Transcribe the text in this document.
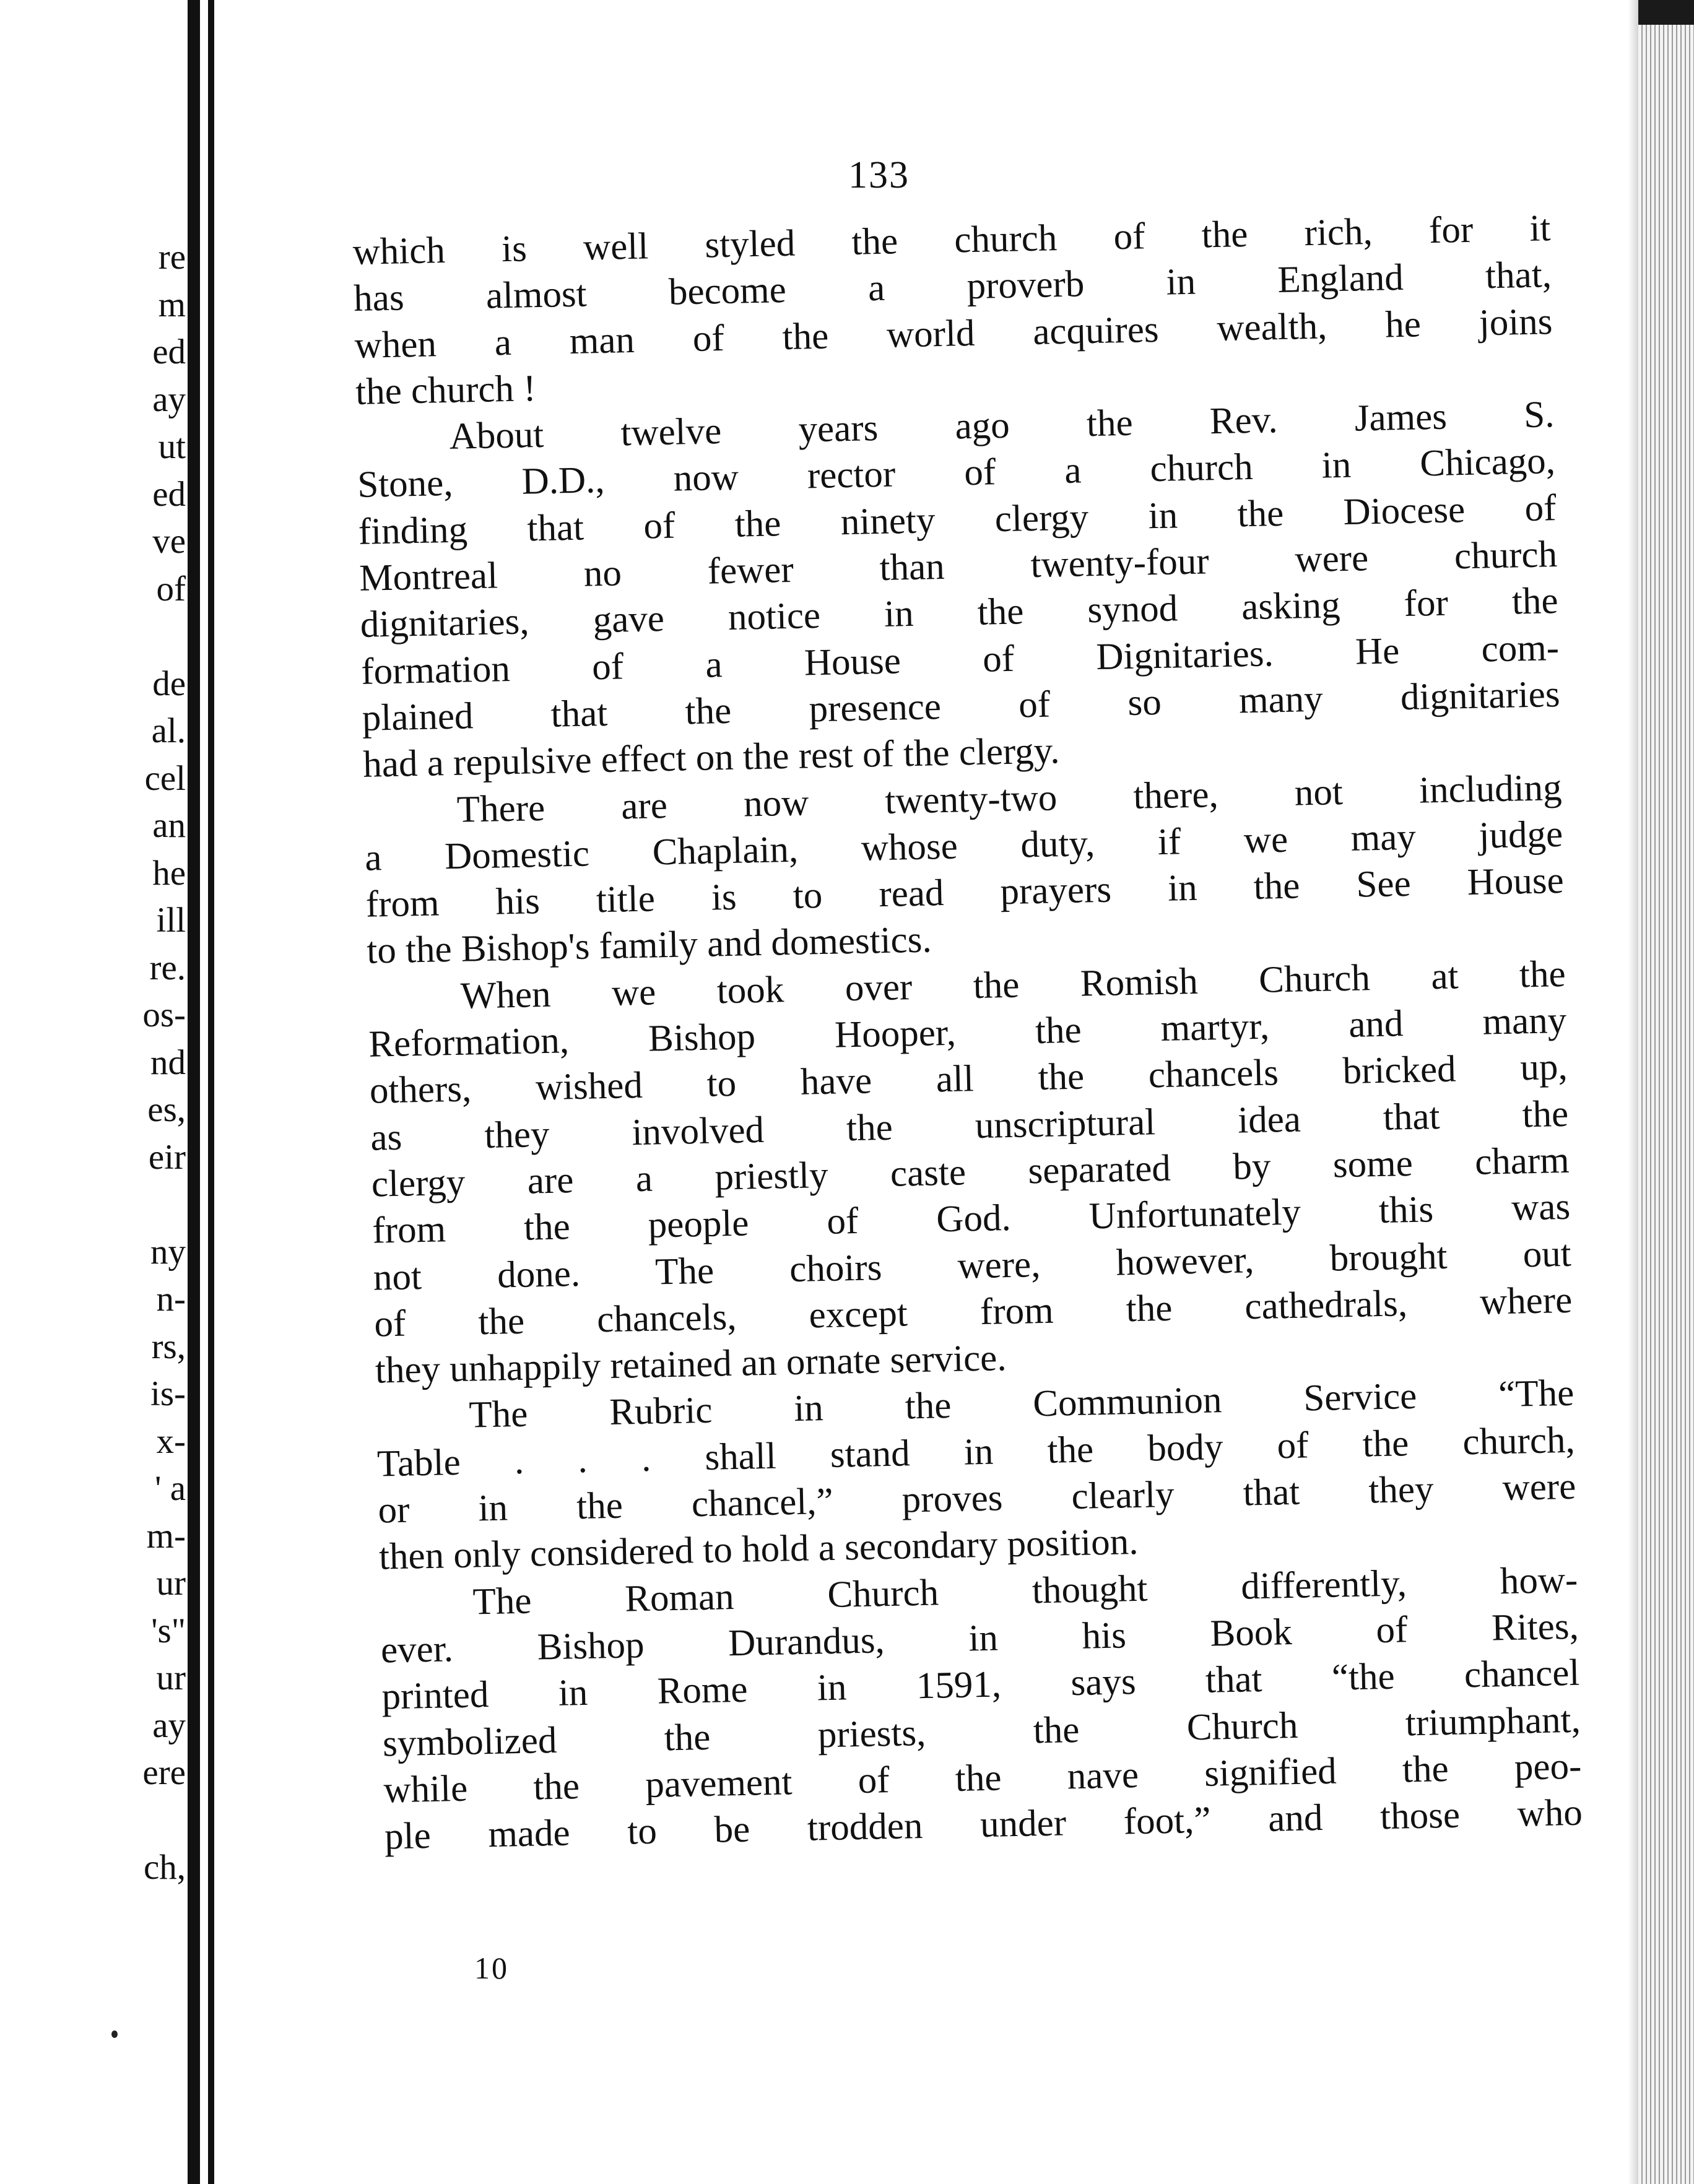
re
m
ed
ay
ut
ed
ve
of
de
al.
cel
an
he
ill
re.
os-
nd
es,
eir
ny
n-
rs,
is-
x-
' a
m-
ur
's"
ur
ay
ere
ch,
133
which is well styled the church of the rich, for it
has almost become a proverb in England that,
when a man of the world acquires wealth, he joins
the church !
About twelve years ago the Rev. James S.
Stone, D.D., now rector of a church in Chicago,
finding that of the ninety clergy in the Diocese of
Montreal no fewer than twenty-four were church
dignitaries, gave notice in the synod asking for the
formation of a House of Dignitaries. He com-
plained that the presence of so many dignitaries
had a repulsive effect on the rest of the clergy.
There are now twenty-two there, not including
a Domestic Chaplain, whose duty, if we may judge
from his title is to read prayers in the See House
to the Bishop's family and domestics.
When we took over the Romish Church at the
Reformation, Bishop Hooper, the martyr, and many
others, wished to have all the chancels bricked up,
as they involved the unscriptural idea that the
clergy are a priestly caste separated by some charm
from the people of God. Unfortunately this was
not done. The choirs were, however, brought out
of the chancels, except from the cathedrals, where
they unhappily retained an ornate service.
The Rubric in the Communion Service “The
Table . . . shall stand in the body of the church,
or in the chancel,” proves clearly that they were
then only considered to hold a secondary position.
The Roman Church thought differently, how-
ever. Bishop Durandus, in his Book of Rites,
printed in Rome in 1591, says that “the chancel
symbolized the priests, the Church triumphant,
while the pavement of the nave signified the peo-
ple made to be trodden under foot,” and those who
10
